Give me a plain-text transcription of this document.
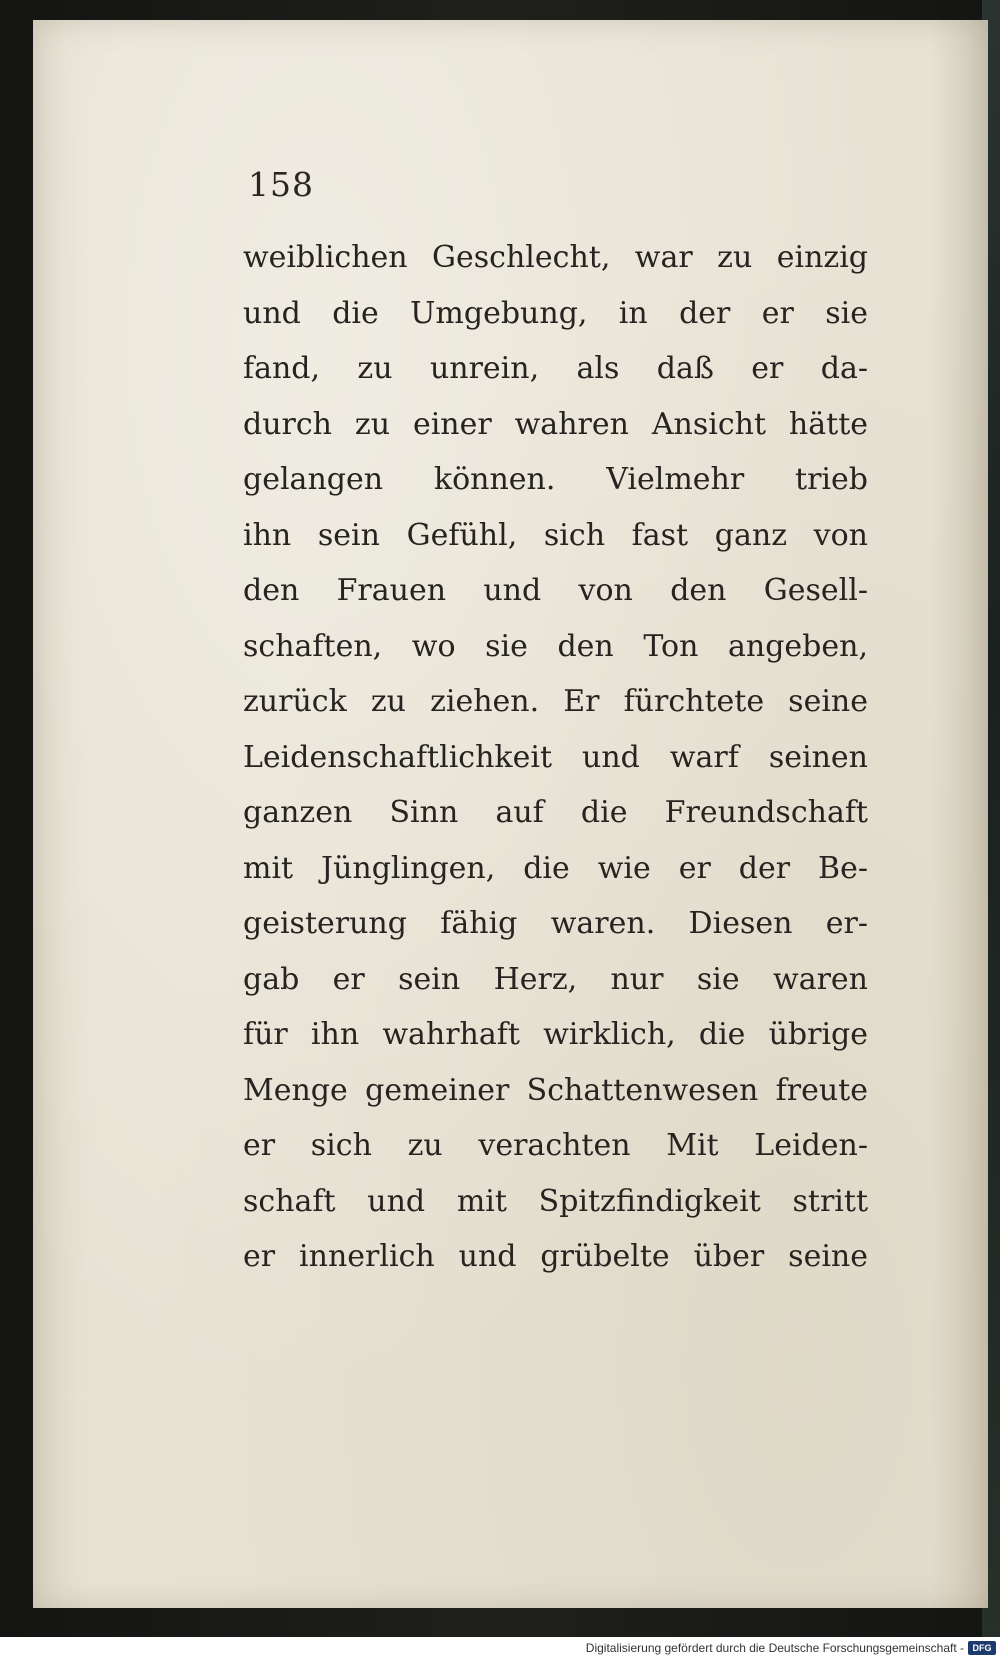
158
weiblichen Geschlecht, war zu einzig
und die Umgebung, in der er sie
fand, zu unrein, als daß er da-
durch zu einer wahren Ansicht hätte
gelangen können. Vielmehr trieb
ihn sein Gefühl, sich fast ganz von
den Frauen und von den Gesell-
schaften, wo sie den Ton angeben,
zurück zu ziehen. Er fürchtete seine
Leidenschaftlichkeit und warf seinen
ganzen Sinn auf die Freundschaft
mit Jünglingen, die wie er der Be-
geisterung fähig waren. Diesen er-
gab er sein Herz, nur sie waren
für ihn wahrhaft wirklich, die übrige
Menge gemeiner Schattenwesen freute
er sich zu verachten Mit Leiden-
schaft und mit Spitzfindigkeit stritt
er innerlich und grübelte über seine
Digitalisierung gefördert durch die Deutsche Forschungsgemeinschaft - DFG
